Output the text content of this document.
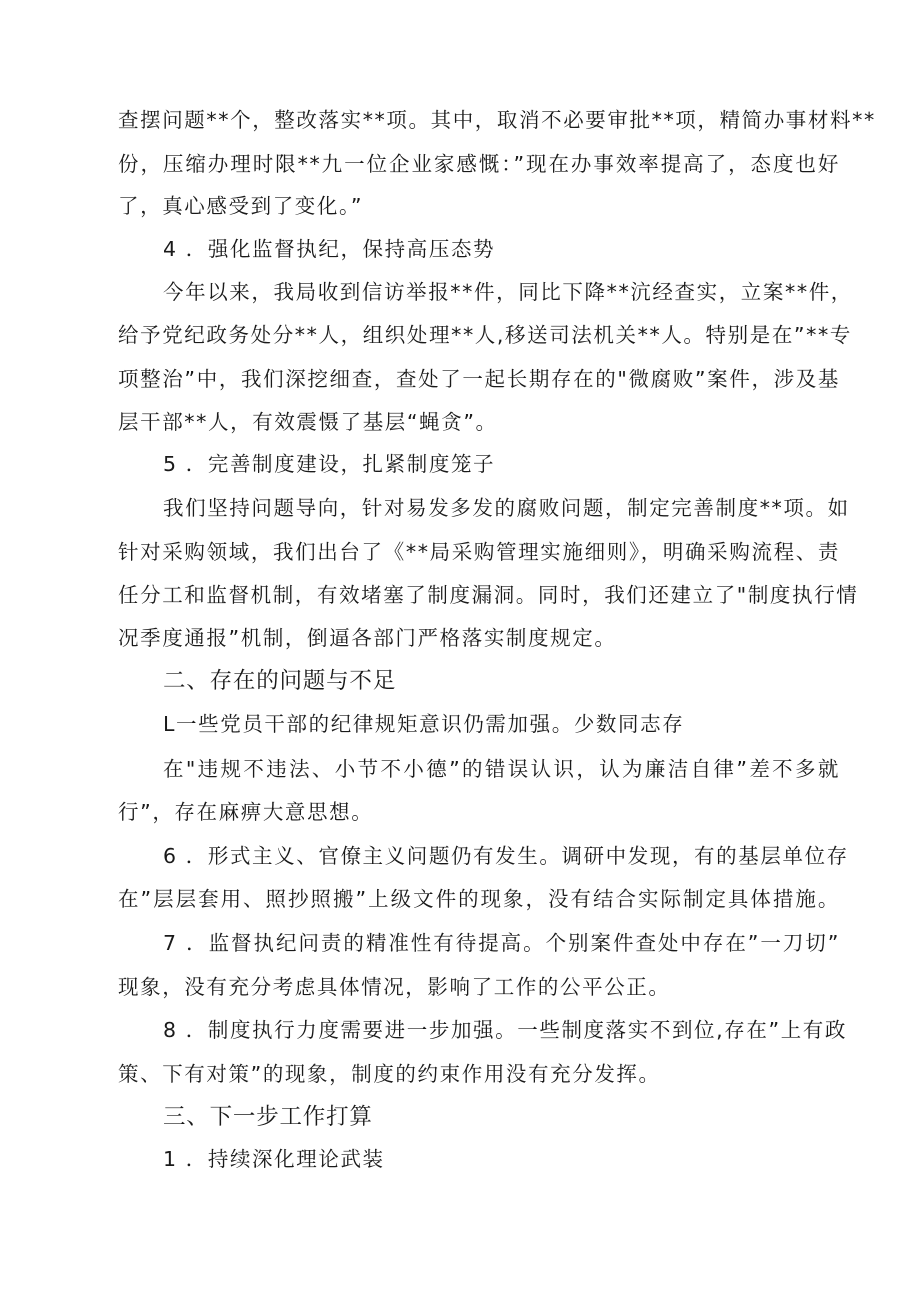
查摆问题**个，整改落实**项。其中，取消不必要审批**项，精简办事材料**
份，压缩办理时限**九一位企业家感慨：”现在办事效率提高了，态度也好
了，真心感受到了变化。”
4 ．强化监督执纪，保持高压态势
今年以来，我局收到信访举报**件，同比下降**沆经查实，立案**件，
给予党纪政务处分**人，组织处理**人,移送司法机关**人。特别是在”**专
项整治”中，我们深挖细查，查处了一起长期存在的"微腐败”案件，涉及基
层干部**人，有效震慑了基层“蝇贪”。
5 ．完善制度建设，扎紧制度笼子
我们坚持问题导向，针对易发多发的腐败问题，制定完善制度**项。如
针对采购领域，我们出台了《**局采购管理实施细则》，明确采购流程、责
任分工和监督机制，有效堵塞了制度漏洞。同时，我们还建立了"制度执行情
况季度通报”机制，倒逼各部门严格落实制度规定。
二、存在的问题与不足
L一些党员干部的纪律规矩意识仍需加强。少数同志存
在"违规不违法、小节不小德”的错误认识，认为廉洁自律”差不多就
行”，存在麻痹大意思想。
6 ．形式主义、官僚主义问题仍有发生。调研中发现，有的基层单位存
在”层层套用、照抄照搬”上级文件的现象，没有结合实际制定具体措施。
7 ．监督执纪问责的精准性有待提高。个别案件查处中存在”一刀切”
现象，没有充分考虑具体情况，影响了工作的公平公正。
8 ．制度执行力度需要进一步加强。一些制度落实不到位,存在”上有政
策、下有对策”的现象，制度的约束作用没有充分发挥。
三、下一步工作打算
1 ．持续深化理论武装
